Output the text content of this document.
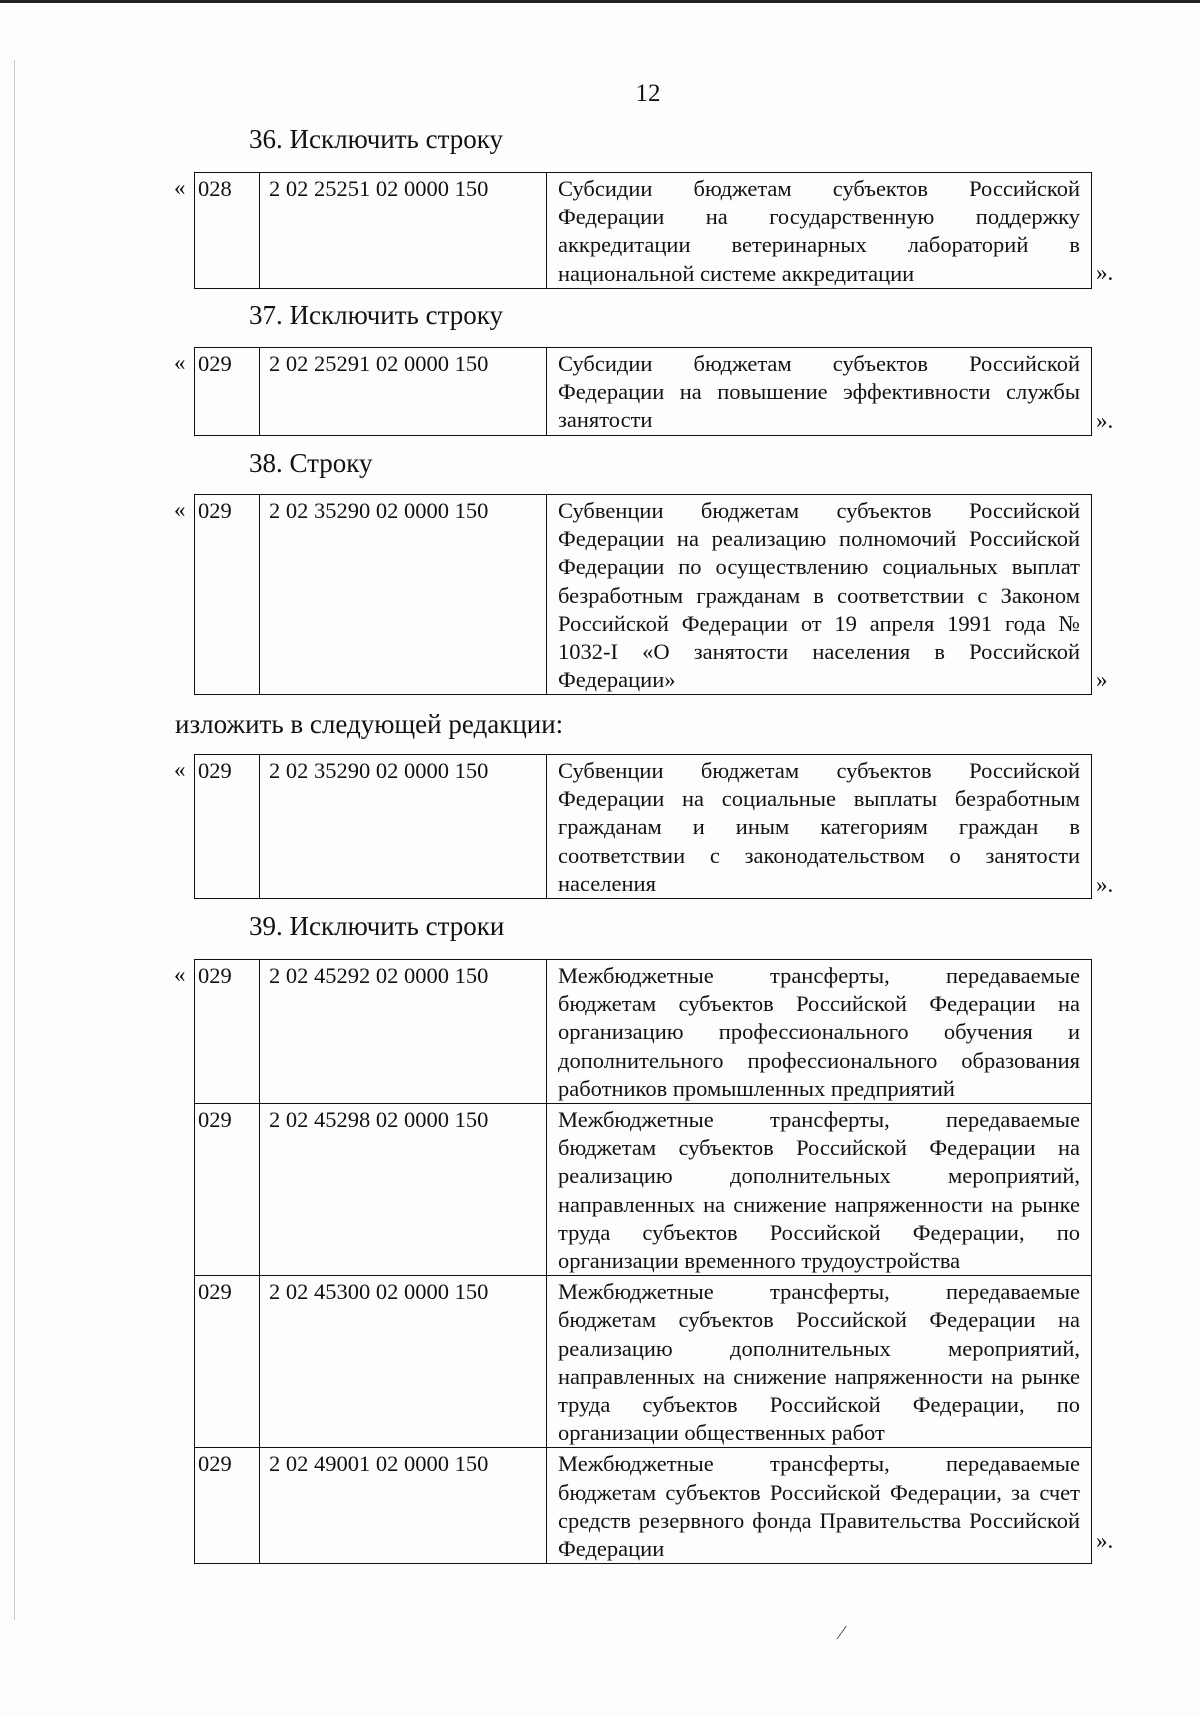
12
36. Исключить строку
« 028	2 02 25251 02 0000 150	Субсидии бюджетам субъектов Российской Федерации на государственную поддержку аккредитации ветеринарных лабораторий в национальной системе аккредитации	».
37. Исключить строку
« 029	2 02 25291 02 0000 150	Субсидии бюджетам субъектов Российской Федерации на повышение эффективности службы занятости	».
38. Строку
« 029	2 02 35290 02 0000 150	Субвенции бюджетам субъектов Российской Федерации на реализацию полномочий Российской Федерации по осуществлению социальных выплат безработным гражданам в соответствии с Законом Российской Федерации от 19 апреля 1991 года № 1032-I «О занятости населения в Российской Федерации»	»
изложить в следующей редакции:
« 029	2 02 35290 02 0000 150	Субвенции бюджетам субъектов Российской Федерации на социальные выплаты безработным гражданам и иным категориям граждан в соответствии с законодательством о занятости населения	».
39. Исключить строки
« 029	2 02 45292 02 0000 150	Межбюджетные трансферты, передаваемые бюджетам субъектов Российской Федерации на организацию профессионального обучения и дополнительного профессионального образования работников промышленных предприятий
029	2 02 45298 02 0000 150	Межбюджетные трансферты, передаваемые бюджетам субъектов Российской Федерации на реализацию дополнительных мероприятий, направленных на снижение напряженности на рынке труда субъектов Российской Федерации, по организации временного трудоустройства
029	2 02 45300 02 0000 150	Межбюджетные трансферты, передаваемые бюджетам субъектов Российской Федерации на реализацию дополнительных мероприятий, направленных на снижение напряженности на рынке труда субъектов Российской Федерации, по организации общественных работ
029	2 02 49001 02 0000 150	Межбюджетные трансферты, передаваемые бюджетам субъектов Российской Федерации, за счет средств резервного фонда Правительства Российской Федерации	».
⁄
